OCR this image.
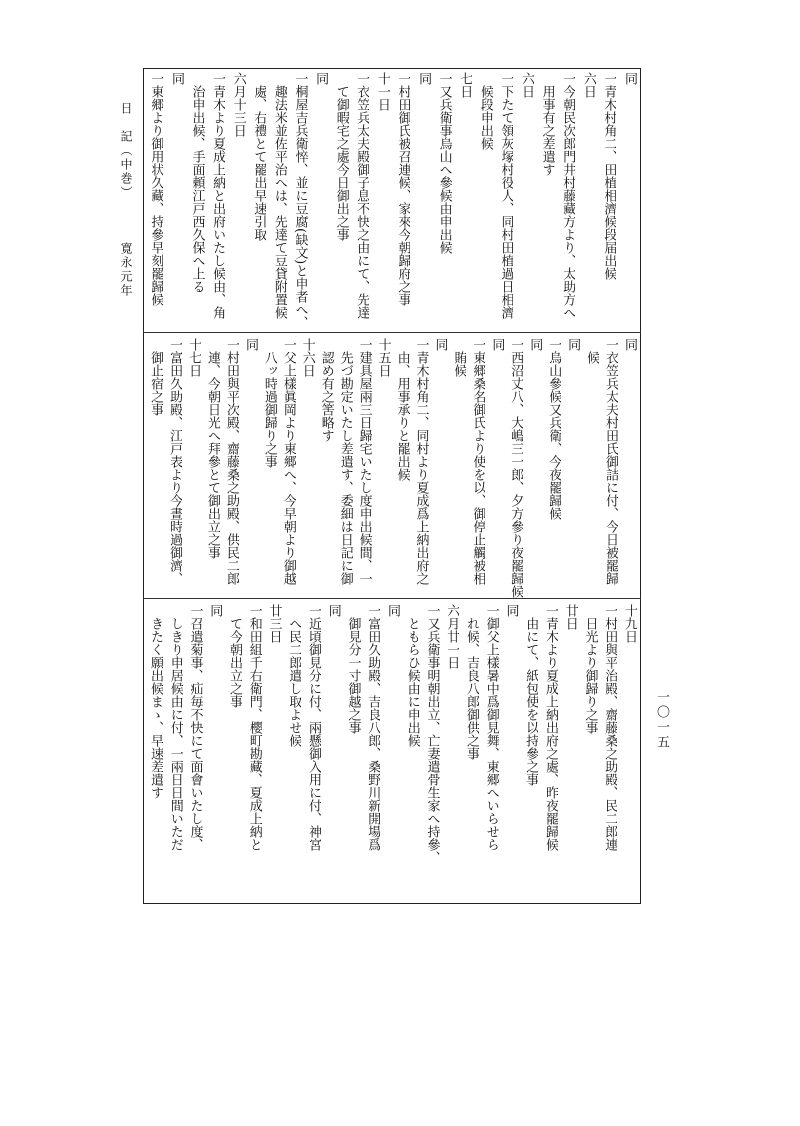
日　記（中巻）
寛永元年
同
一青木村角二、田植相濟候段届出候
六日
一今朝民次郎門井村藤藏方より、太助方へ
　用事有之差遣す
六日
一下たて領灰塚村役人、同村田植過日相濟
　候段申出候
七日
一又兵衛事烏山へ參候由申出候
同
一村田御氏被召連候、家來今朝歸府之事
十一日
一衣笠兵太夫殿御子息不快之由にて、先達
　て御暇宅之處今日御出之事
同
一桐屋吉兵衛悴、並に豆腐(缺文)と申者へ、
　趣法米並佐平治へは、先達て豆貸附置候
　處、右禮とて罷出早速引取
六月十三日
一青木より夏成上納と出府いたし候由、角
　治申出候、手面頼江戸西久保へ上る
同
一東郷より御用状久藏、持參早刻罷歸候
同
一衣笠兵太夫村田氏御詰に付、今日被罷歸
　候
同
一烏山參候又兵衛、今夜罷歸候
同
一西沼丈八、大嶋三一郎、夕方參り夜罷歸候
同
一東郷桑名御氏より使を以、御停止觸被相
　賄候
同
一青木村角二、同村より夏成爲上納出府之
　由、用事承りと罷出候
十五日
一建具屋兩三日歸宅いたし度申出候間、一
　先づ勘定いたし差遣す、委細は日記に御
　認め有之筈略す
十六日
一父上樣眞岡より東郷へ、今早朝より御越
　八ッ時過御歸り之事
同
一村田與平次殿、齋藤桑之助殿、供民二郎
　連、今朝日光へ拜參とて御出立之事
十七日
一富田久助殿、江戸表より今晝時過御濟、
　御止宿之事
十九日
一村田與平治殿、齋藤桑之助殿、民二郎連
　日光より御歸り之事
廿日
一青木より夏成上納出府之處、昨夜罷歸候
　由にて、紙包使を以持參之事
同
一御父上樣暑中爲御見舞、東郷へいらせら
　れ候、吉良八郎御供之事
六月廿一日
一又兵衛事明朝出立、亡妻遣骨生家へ持參、
　ともらひ候由に申出候
同
一富田久助殿、吉良八郎、桑野川新開場爲
　御見分一寸御越之事
同
一近頃御見分に付、兩懸御入用に付、神宮
　へ民二郎遣し取よせ候
廿三日
一和田組千右衛門、櫻町勘藏、夏成上納と
　て今朝出立之事
同
一召遣菊事、疝毎不快にて面會いたし度、
　しきり申居候由に付、一兩日日間いただ
　きたく願出候まゝ、早速差遣す	一〇一五
